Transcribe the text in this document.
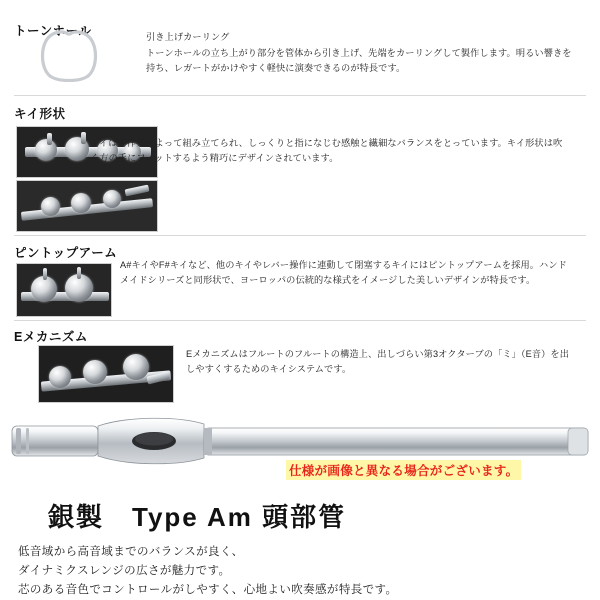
トーンホール	引き上げカーリング
トーンホールの立ち上がり部分を管体から引き上げ、先端をカーリングして製作します。明るい響きを持ち、レガートがかけやすく軽快に演奏できるのが特長です。
キイ形状
キイは手作業によって組み立てられ、しっくりと指になじむ感触と繊細なバランスをとっています。キイ形状は吹く方の手にフィットするよう精巧にデザインされています。
ピントップアーム
A#キイやF#キイなど、他のキイやレバー操作に連動して閉塞するキイにはピントップアームを採用。ハンドメイドシリーズと同形状で、ヨーロッパの伝統的な様式をイメージした美しいデザインが特長です。
Eメカニズム
Eメカニズムはフルートのフルートの構造上、出しづらい第3オクターブの「ミ」（E音）を出しやすくするためのキイシステムです。
仕様が画像と異なる場合がございます。
銀製　Type Am 頭部管
低音域から高音域までのバランスが良く、
ダイナミクスレンジの広さが魅力です。
芯のある音色でコントロールがしやすく、心地よい吹奏感が特長です。
